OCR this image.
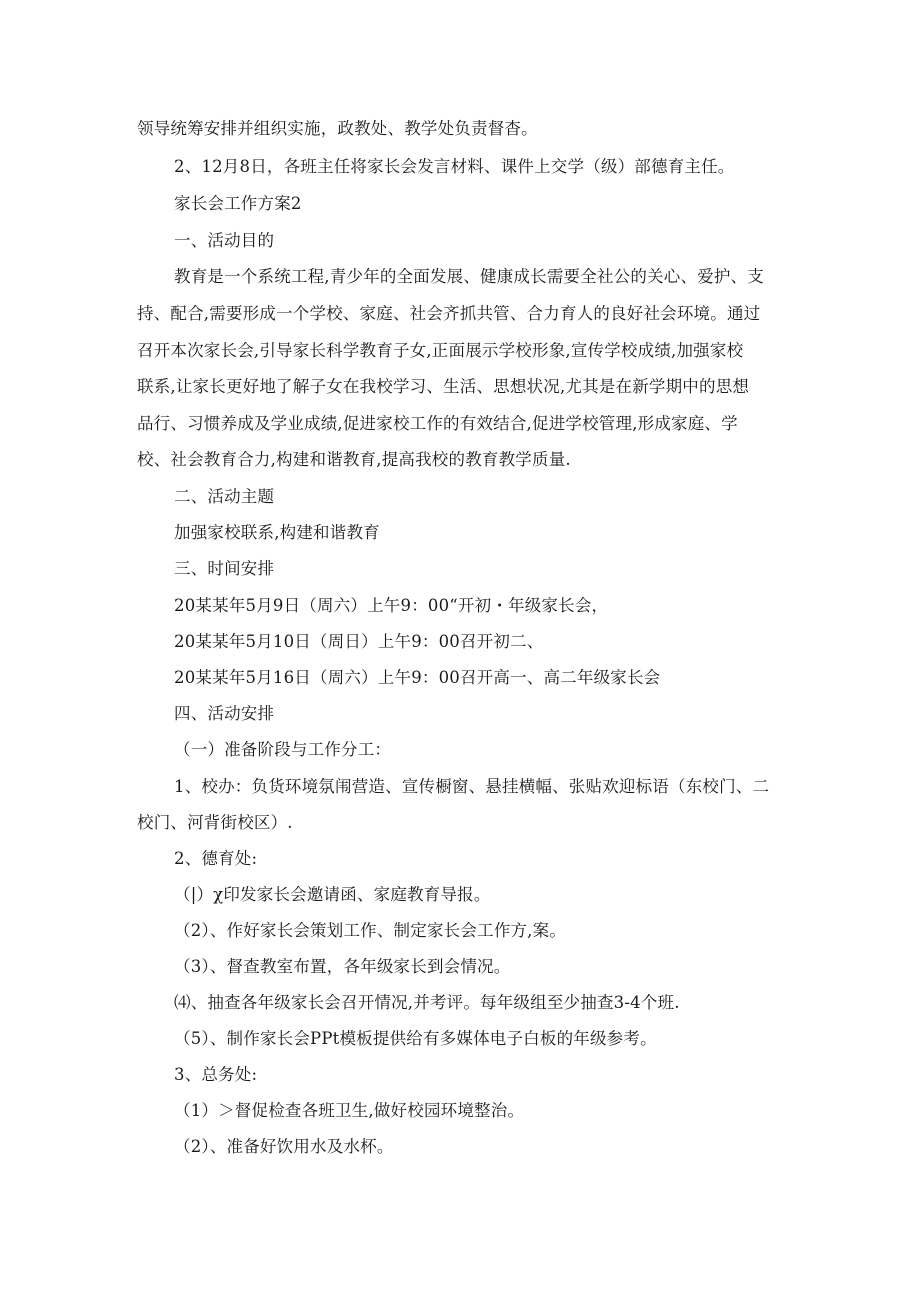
领导统筹安排并组织实施，政教处、教学处负责督杳。
2、12月8日，各班主任将家长会发言材料、课件上交学（级）部德育主任。
家长会工作方案2
一、活动目的
教育是一个系统工程,青少年的全面发展、健康成长需要全社公的关心、爱护、支
持、配合,需要形成一个学校、家庭、社会齐抓共管、合力育人的良好社会环境。通过
召开本次家长会,引导家长科学教育子女,正面展示学校形象,宣传学校成绩,加强家校
联系,让家长更好地了解子女在我校学习、生活、思想状况,尤其是在新学期中的思想
品行、习惯养成及学业成绩,促进家校工作的有效结合,促进学校管理,形成家庭、学
校、社会教育合力,构建和谐教育,提高我校的教育教学质量.
二、活动主题
加强家校联系,构建和谐教育
三、时间安排
20某某年5月9日（周六）上午9：00“开初・年级家长会，
20某某年5月10日（周日）上午9：00召开初二、
20某某年5月16日（周六）上午9：00召开高一、高二年级家长会
四、活动安排
（一）准备阶段与工作分工：
1、校办：负货环境氛闱营造、宣传橱窗、悬挂横幅、张贴欢迎标语（东校门、二
校门、河背街校区）.
2、德育处:
（|）χ印发家长会邀请函、家庭教育导报。
（2）、作好家长会策划工作、制定家长会工作方,案。
（3）、督查教室布置，各年级家长到会情况。
⑷、抽查各年级家长会召开情况,并考评。每年级组至少抽查3-4个班.
（5）、制作家长会PPt模板提供给有多媒体电子白板的年级参考。
3、总务处:
（1）＞督促检查各班卫生,做好校园环境整治。
（2）、准备好饮用水及水杯。
